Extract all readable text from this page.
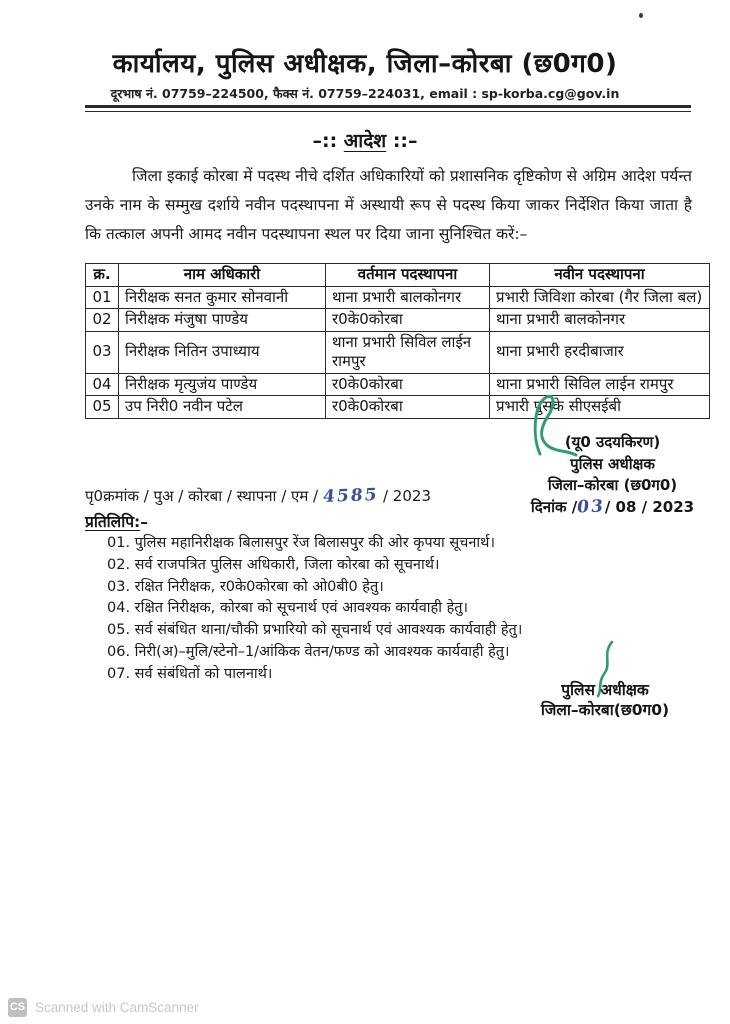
कार्यालय, पुलिस अधीक्षक, जिला–कोरबा (छ0ग0)
दूरभाष नं. 07759–224500, फैक्स नं. 07759–224031, email : sp-korba.cg@gov.in
–:: आदेश ::–
जिला इकाई कोरबा में पदस्थ नीचे दर्शित अधिकारियों को प्रशासनिक दृष्टिकोण से अग्रिम आदेश पर्यन्त उनके नाम के सम्मुख दर्शाये नवीन पदस्थापना में अस्थायी रूप से पदस्थ किया जाकर निर्देशित किया जाता है कि तत्काल अपनी आमद नवीन पदस्थापना स्थल पर दिया जाना सुनिश्चित करें:–
क्र.	नाम अधिकारी	वर्तमान पदस्थापना	नवीन पदस्थापना
01	निरीक्षक सनत कुमार सोनवानी	थाना प्रभारी बालकोनगर	प्रभारी जिविशा कोरबा (गैर जिला बल)
02	निरीक्षक मंजुषा पाण्डेय	र0के0कोरबा	थाना प्रभारी बालकोनगर
03	निरीक्षक नितिन उपाध्याय	थाना प्रभारी सिविल लाईन रामपुर	थाना प्रभारी हरदीबाजार
04	निरीक्षक मृत्युजंय पाण्डेय	र0के0कोरबा	थाना प्रभारी सिविल लाईन रामपुर
05	उप निरी0 नवीन पटेल	र0के0कोरबा	प्रभारी पुसके सीएसईबी
(यू0 उदयकिरण)
पुलिस अधीक्षक
जिला–कोरबा (छ0ग0)
दिनांक /03/ 08 / 2023
पृ0क्रमांक / पुअ / कोरबा / स्थापना / एम / 4585 / 2023
प्रतिलिपि:–
01. पुलिस महानिरीक्षक बिलासपुर रेंज बिलासपुर की ओर कृपया सूचनार्थ।
02. सर्व राजपत्रित पुलिस अधिकारी, जिला कोरबा को सूचनार्थ।
03. रक्षित निरीक्षक, र0के0कोरबा को ओ0बी0 हेतु।
04. रक्षित निरीक्षक, कोरबा को सूचनार्थ एवं आवश्यक कार्यवाही हेतु।
05. सर्व संबंधित थाना/चौकी प्रभारियो को सूचनार्थ एवं आवश्यक कार्यवाही हेतु।
06. निरी(अ)–मुलि/स्टेनो–1/आंकिक वेतन/फण्ड को आवश्यक कार्यवाही हेतु।
07. सर्व संबंधितों को पालनार्थ।
पुलिस अधीक्षक
जिला–कोरबा(छ0ग0)
CS Scanned with CamScanner
